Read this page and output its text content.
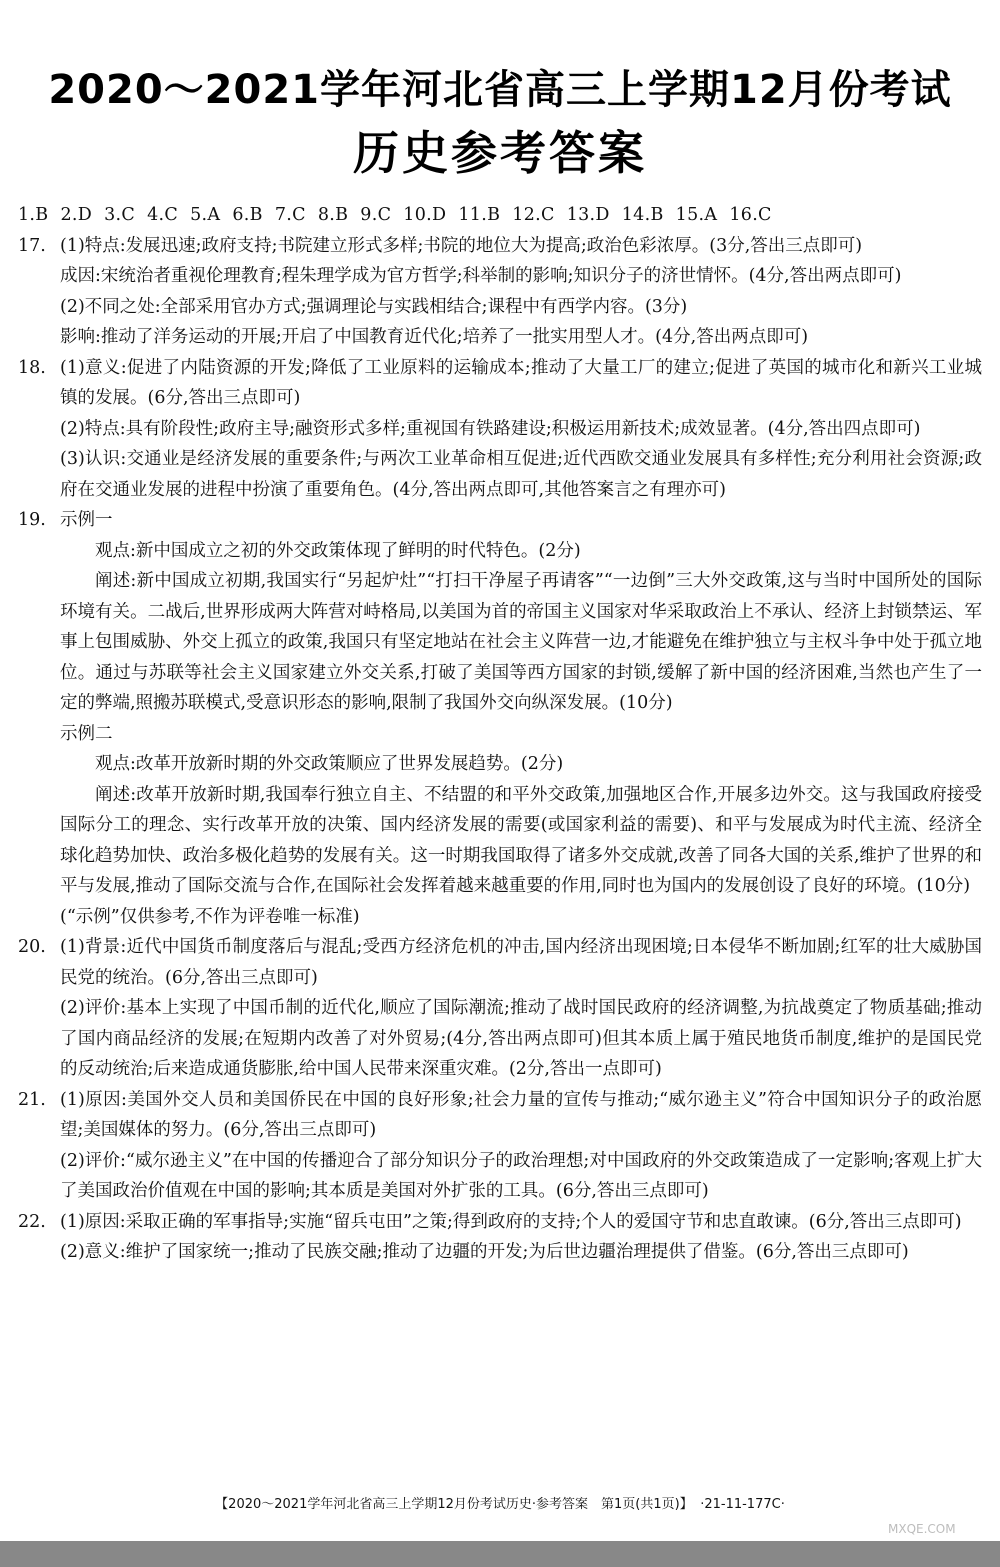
2020～2021学年河北省高三上学期12月份考试
历史参考答案
1.B 2.D 3.C 4.C 5.A 6.B 7.C 8.B 9.C 10.D 11.B 12.C 13.D 14.B 15.A 16.C
17. (1)特点:发展迅速;政府支持;书院建立形式多样;书院的地位大为提高;政治色彩浓厚。(3分,答出三点即可)

成因:宋统治者重视伦理教育;程朱理学成为官方哲学;科举制的影响;知识分子的济世情怀。(4分,答出两点即可)

(2)不同之处:全部采用官办方式;强调理论与实践相结合;课程中有西学内容。(3分)

影响:推动了洋务运动的开展;开启了中国教育近代化;培养了一批实用型人才。(4分,答出两点即可)

18. (1)意义:促进了内陆资源的开发;降低了工业原料的运输成本;推动了大量工厂的建立;促进了英国的城市化和新兴工业城镇的发展。(6分,答出三点即可)

(2)特点:具有阶段性;政府主导;融资形式多样;重视国有铁路建设;积极运用新技术;成效显著。(4分,答出四点即可)

(3)认识:交通业是经济发展的重要条件;与两次工业革命相互促进;近代西欧交通业发展具有多样性;充分利用社会资源;政府在交通业发展的进程中扮演了重要角色。(4分,答出两点即可,其他答案言之有理亦可)

19. 示例一

观点:新中国成立之初的外交政策体现了鲜明的时代特色。(2分)

阐述:新中国成立初期,我国实行“另起炉灶”“打扫干净屋子再请客”“一边倒”三大外交政策,这与当时中国所处的国际环境有关。二战后,世界形成两大阵营对峙格局,以美国为首的帝国主义国家对华采取政治上不承认、经济上封锁禁运、军事上包围威胁、外交上孤立的政策,我国只有坚定地站在社会主义阵营一边,才能避免在维护独立与主权斗争中处于孤立地位。通过与苏联等社会主义国家建立外交关系,打破了美国等西方国家的封锁,缓解了新中国的经济困难,当然也产生了一定的弊端,照搬苏联模式,受意识形态的影响,限制了我国外交向纵深发展。(10分)

示例二

观点:改革开放新时期的外交政策顺应了世界发展趋势。(2分)

阐述:改革开放新时期,我国奉行独立自主、不结盟的和平外交政策,加强地区合作,开展多边外交。这与我国政府接受国际分工的理念、实行改革开放的决策、国内经济发展的需要(或国家利益的需要)、和平与发展成为时代主流、经济全球化趋势加快、政治多极化趋势的发展有关。这一时期我国取得了诸多外交成就,改善了同各大国的关系,维护了世界的和平与发展,推动了国际交流与合作,在国际社会发挥着越来越重要的作用,同时也为国内的发展创设了良好的环境。(10分)

(“示例”仅供参考,不作为评卷唯一标准)

20. (1)背景:近代中国货币制度落后与混乱;受西方经济危机的冲击,国内经济出现困境;日本侵华不断加剧;红军的壮大威胁国民党的统治。(6分,答出三点即可)

(2)评价:基本上实现了中国币制的近代化,顺应了国际潮流;推动了战时国民政府的经济调整,为抗战奠定了物质基础;推动了国内商品经济的发展;在短期内改善了对外贸易;(4分,答出两点即可)但其本质上属于殖民地货币制度,维护的是国民党的反动统治;后来造成通货膨胀,给中国人民带来深重灾难。(2分,答出一点即可)

21. (1)原因:美国外交人员和美国侨民在中国的良好形象;社会力量的宣传与推动;“威尔逊主义”符合中国知识分子的政治愿望;美国媒体的努力。(6分,答出三点即可)

(2)评价:“威尔逊主义”在中国的传播迎合了部分知识分子的政治理想;对中国政府的外交政策造成了一定影响;客观上扩大了美国政治价值观在中国的影响;其本质是美国对外扩张的工具。(6分,答出三点即可)

22. (1)原因:采取正确的军事指导;实施“留兵屯田”之策;得到政府的支持;个人的爱国守节和忠直敢谏。(6分,答出三点即可)

(2)意义:维护了国家统一;推动了民族交融;推动了边疆的开发;为后世边疆治理提供了借鉴。(6分,答出三点即可)

【2020～2021学年河北省高三上学期12月份考试历史·参考答案　第1页(共1页)】 ·21-11-177C·
MXQE.COM
